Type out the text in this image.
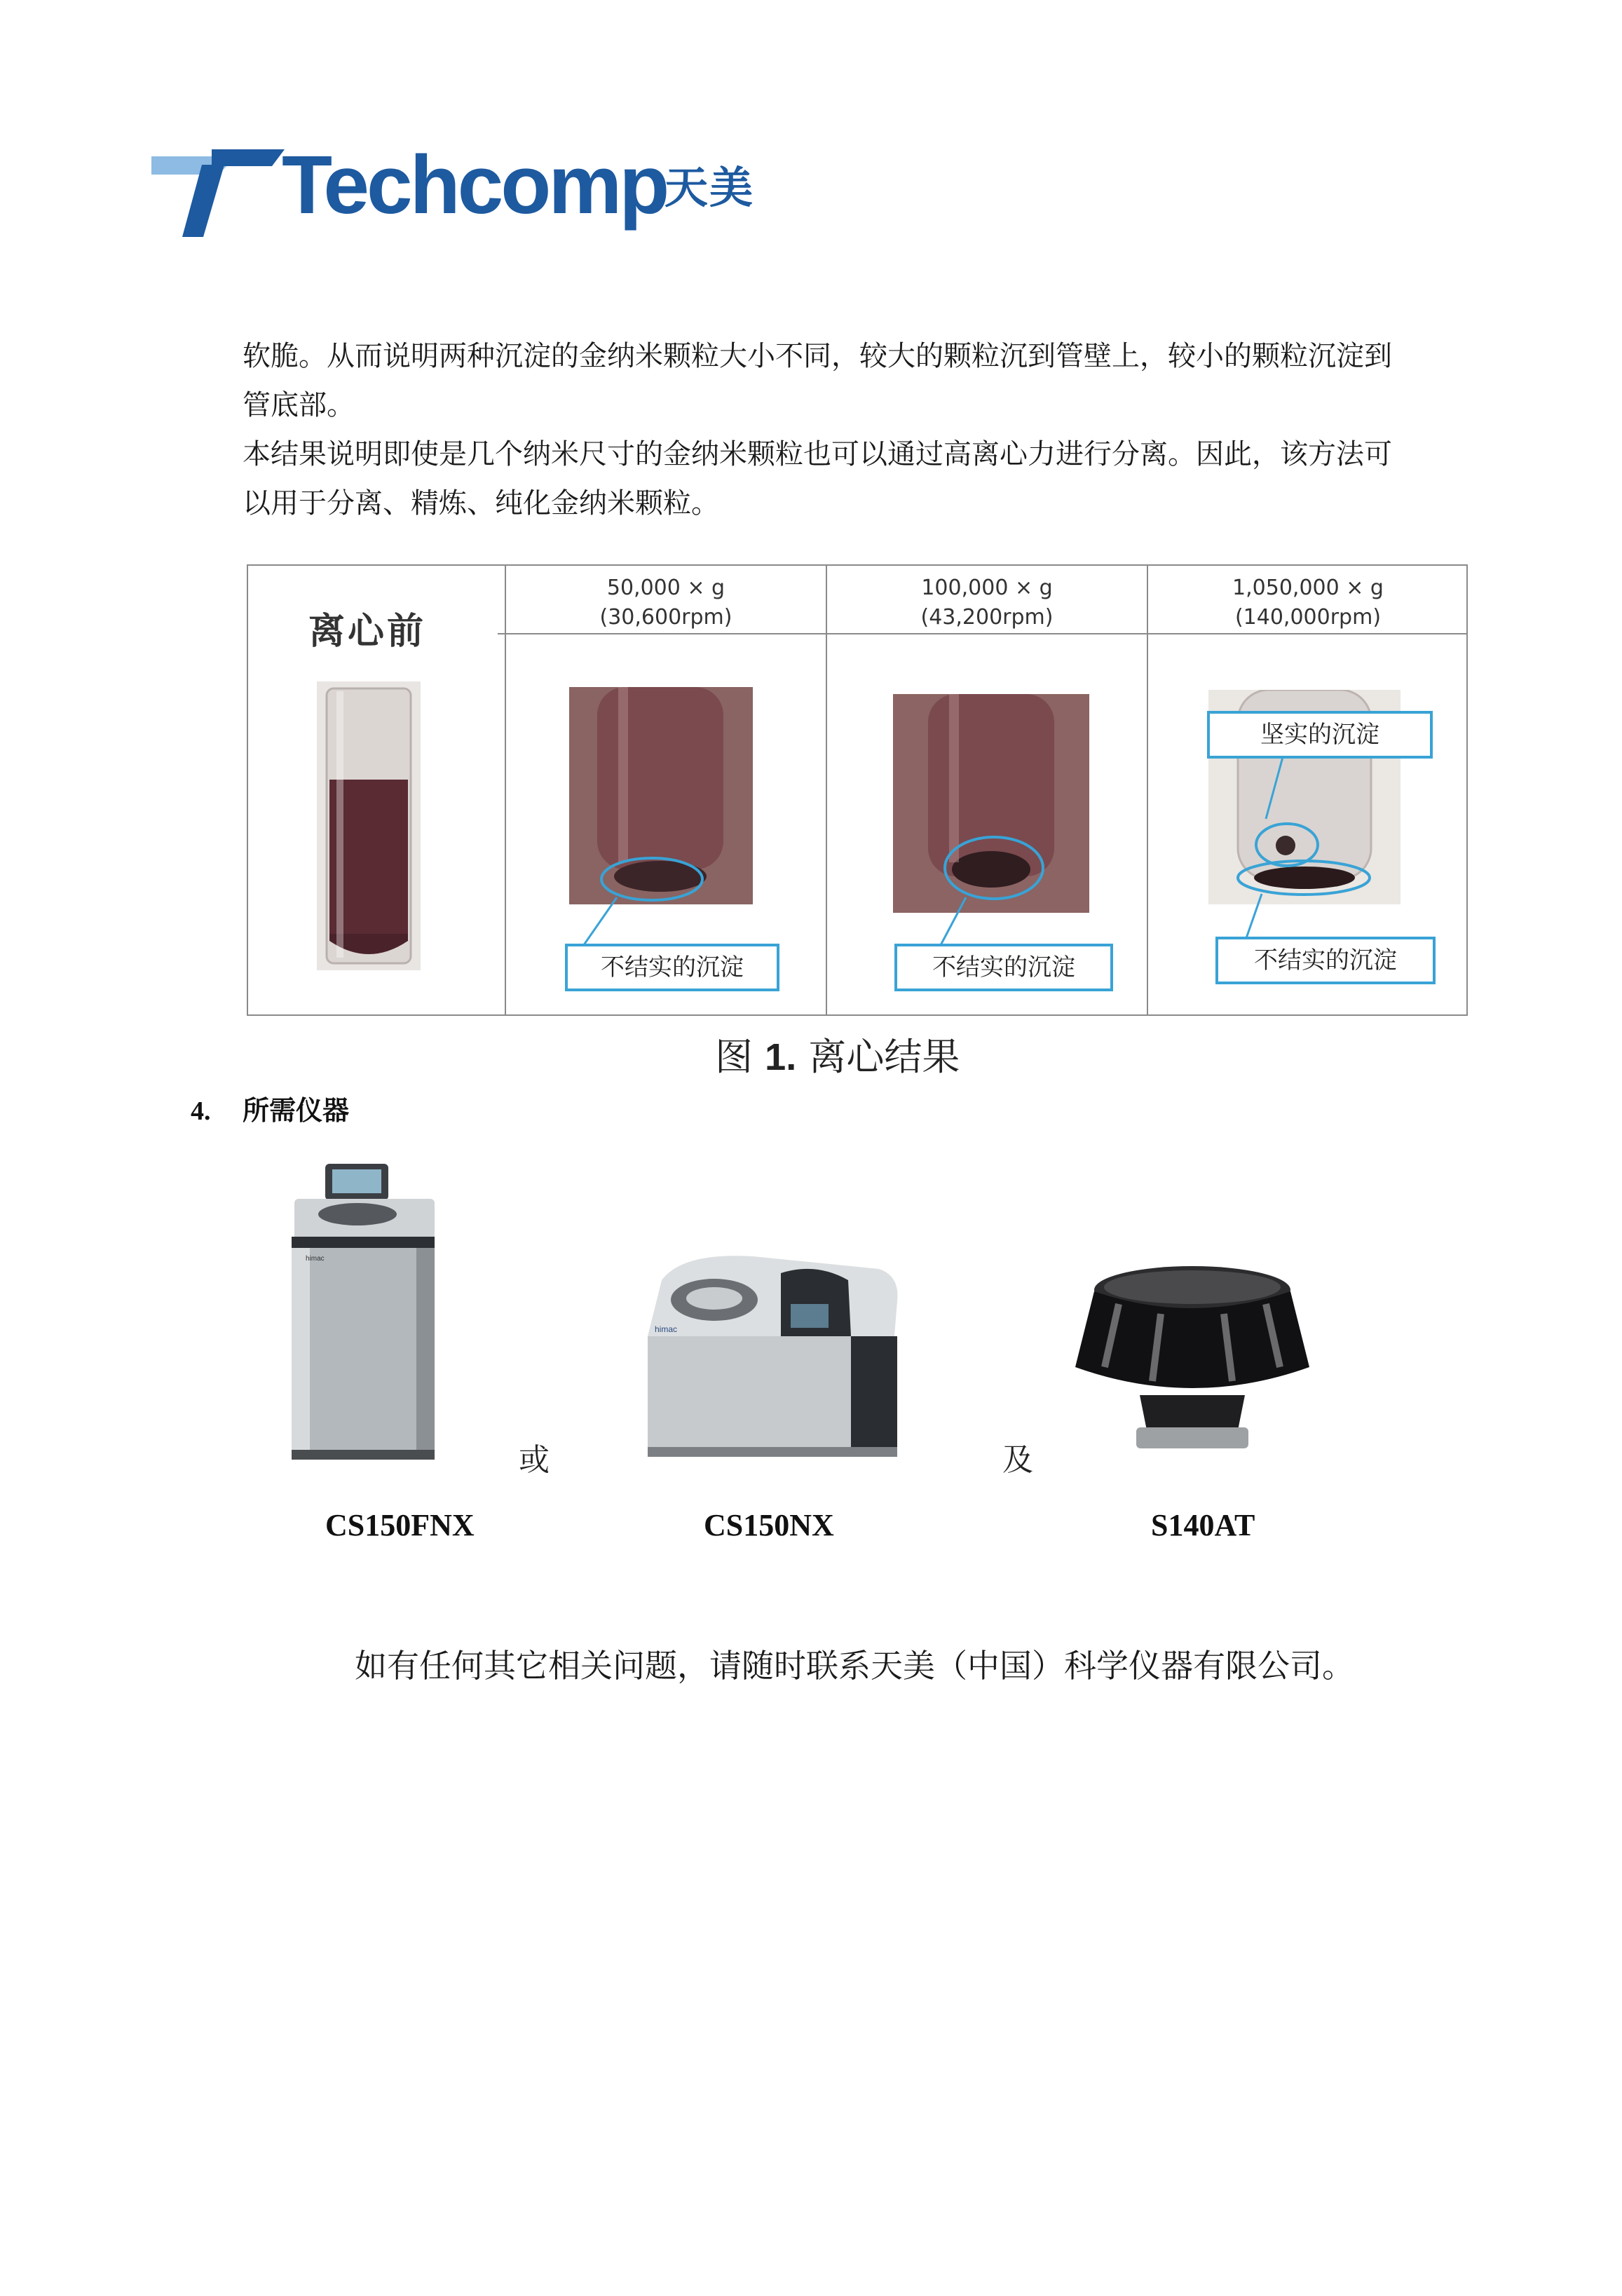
Techcomp
天美
软脆。从而说明两种沉淀的金纳米颗粒大小不同，较大的颗粒沉到管壁上，较小的颗粒沉淀到
管底部。
本结果说明即使是几个纳米尺寸的金纳米颗粒也可以通过高离心力进行分离。因此，该方法可
以用于分离、精炼、纯化金纳米颗粒。
离心前
50,000 × g
(30,600rpm)
不结实的沉淀
100,000 × g
(43,200rpm)
不结实的沉淀
1,050,000 × g
(140,000rpm)
坚实的沉淀
不结实的沉淀
图 1. 离心结果
4. 所需仪器
himac
或
himac
及
CS150FNX	CS150NX	S140AT
如有任何其它相关问题，请随时联系天美（中国）科学仪器有限公司。
